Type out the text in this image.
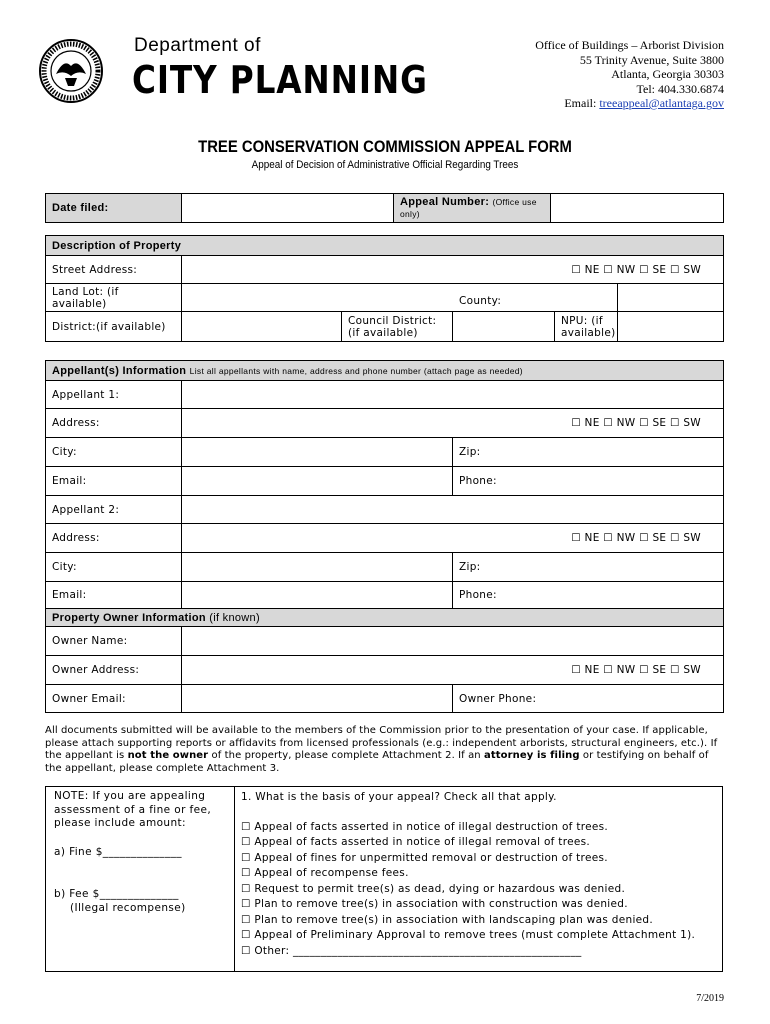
Department of
CITY PLANNING
Office of Buildings – Arborist Division
55 Trinity Avenue, Suite 3800
Atlanta, Georgia 30303
Tel: 404.330.6874
Email: treeappeal@atlantaga.gov
TREE CONSERVATION COMMISSION APPEAL FORM
Appeal of Decision of Administrative Official Regarding Trees
Date filed:		Appeal Number: (Office use only)	
Description of Property					
Street Address:	☐ NE ☐ NW ☐ SE ☐ SW				
Land Lot: (if available)	County:				
District:(if available)		Council District: (if available)		NPU: (if available)	
Appellant(s) Information List all appellants with name, address and phone number (attach page as needed)		
Appellant 1:		
Address:	☐ NE ☐ NW ☐ SE ☐ SW	
City:		Zip:
Email:		Phone:
Appellant 2:		
Address:	☐ NE ☐ NW ☐ SE ☐ SW	
City:		Zip:
Email:		Phone:
Property Owner Information (if known)		
Owner Name:		
Owner Address:	☐ NE ☐ NW ☐ SE ☐ SW	
Owner Email:		Owner Phone:
All documents submitted will be available to the members of the Commission prior to the presentation of your case. If applicable, please attach supporting reports or affidavits from licensed professionals (e.g.: independent arborists, structural engineers, etc.). If the appellant is not the owner of the property, please complete Attachment 2. If an attorney is filing or testifying on behalf of the appellant, please complete Attachment 3.
NOTE: If you are appealing
assessment of a fine or fee,
please include amount:
a) Fine $______________
b) Fee $______________
(Illegal recompense)
1. What is the basis of your appeal? Check all that apply.
☐ Appeal of facts asserted in notice of illegal destruction of trees.
☐ Appeal of facts asserted in notice of illegal removal of trees.
☐ Appeal of fines for unpermitted removal or destruction of trees.
☐ Appeal of recompense fees.
☐ Request to permit tree(s) as dead, dying or hazardous was denied.
☐ Plan to remove tree(s) in association with construction was denied.
☐ Plan to remove tree(s) in association with landscaping plan was denied.
☐ Appeal of Preliminary Approval to remove trees (must complete Attachment 1).
☐ Other: ____________________________________________________
7/2019
